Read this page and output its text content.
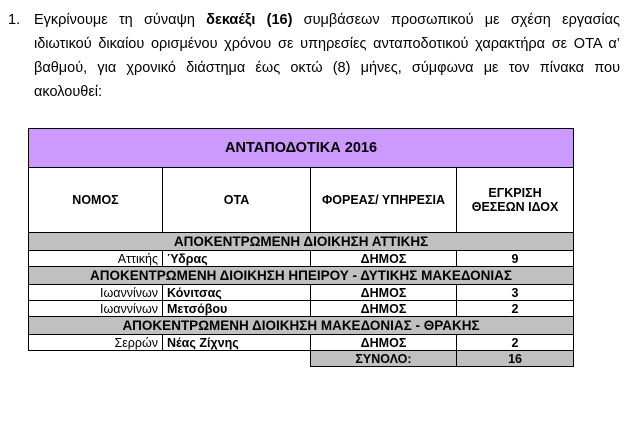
1. Εγκρίνουμε τη σύναψη δεκαέξι (16) συμβάσεων προσωπικού με σχέση εργασίας
ιδιωτικού δικαίου ορισμένου χρόνου σε υπηρεσίες ανταποδοτικού χαρακτήρα σε ΟΤΑ α’
βαθμού, για χρονικό διάστημα έως οκτώ (8) μήνες, σύμφωνα με τον πίνακα που
ακολουθεί:
ΑΝΤΑΠΟΔΟΤΙΚΑ 2016			
ΝΟΜΟΣ	ΟΤΑ	ΦΟΡΕΑΣ/ ΥΠΗΡΕΣΙΑ	ΕΓΚΡΙΣΗ
ΘΕΣΕΩΝ ΙΔΟΧ
ΑΠΟΚΕΝΤΡΩΜΕΝΗ ΔΙΟΙΚΗΣΗ ΑΤΤΙΚΗΣ			
Αττικής	Ύδρας	ΔΗΜΟΣ	9
ΑΠΟΚΕΝΤΡΩΜΕΝΗ ΔΙΟΙΚΗΣΗ ΗΠΕΙΡΟΥ - ΔΥΤΙΚΗΣ ΜΑΚΕΔΟΝΙΑΣ			
Ιωαννίνων	Κόνιτσας	ΔΗΜΟΣ	3
Ιωαννίνων	Μετσόβου	ΔΗΜΟΣ	2
ΑΠΟΚΕΝΤΡΩΜΕΝΗ ΔΙΟΙΚΗΣΗ ΜΑΚΕΔΟΝΙΑΣ - ΘΡΑΚΗΣ			
Σερρών	Νέας Ζίχνης	ΔΗΜΟΣ	2
		ΣΥΝΟΛΟ:	16
